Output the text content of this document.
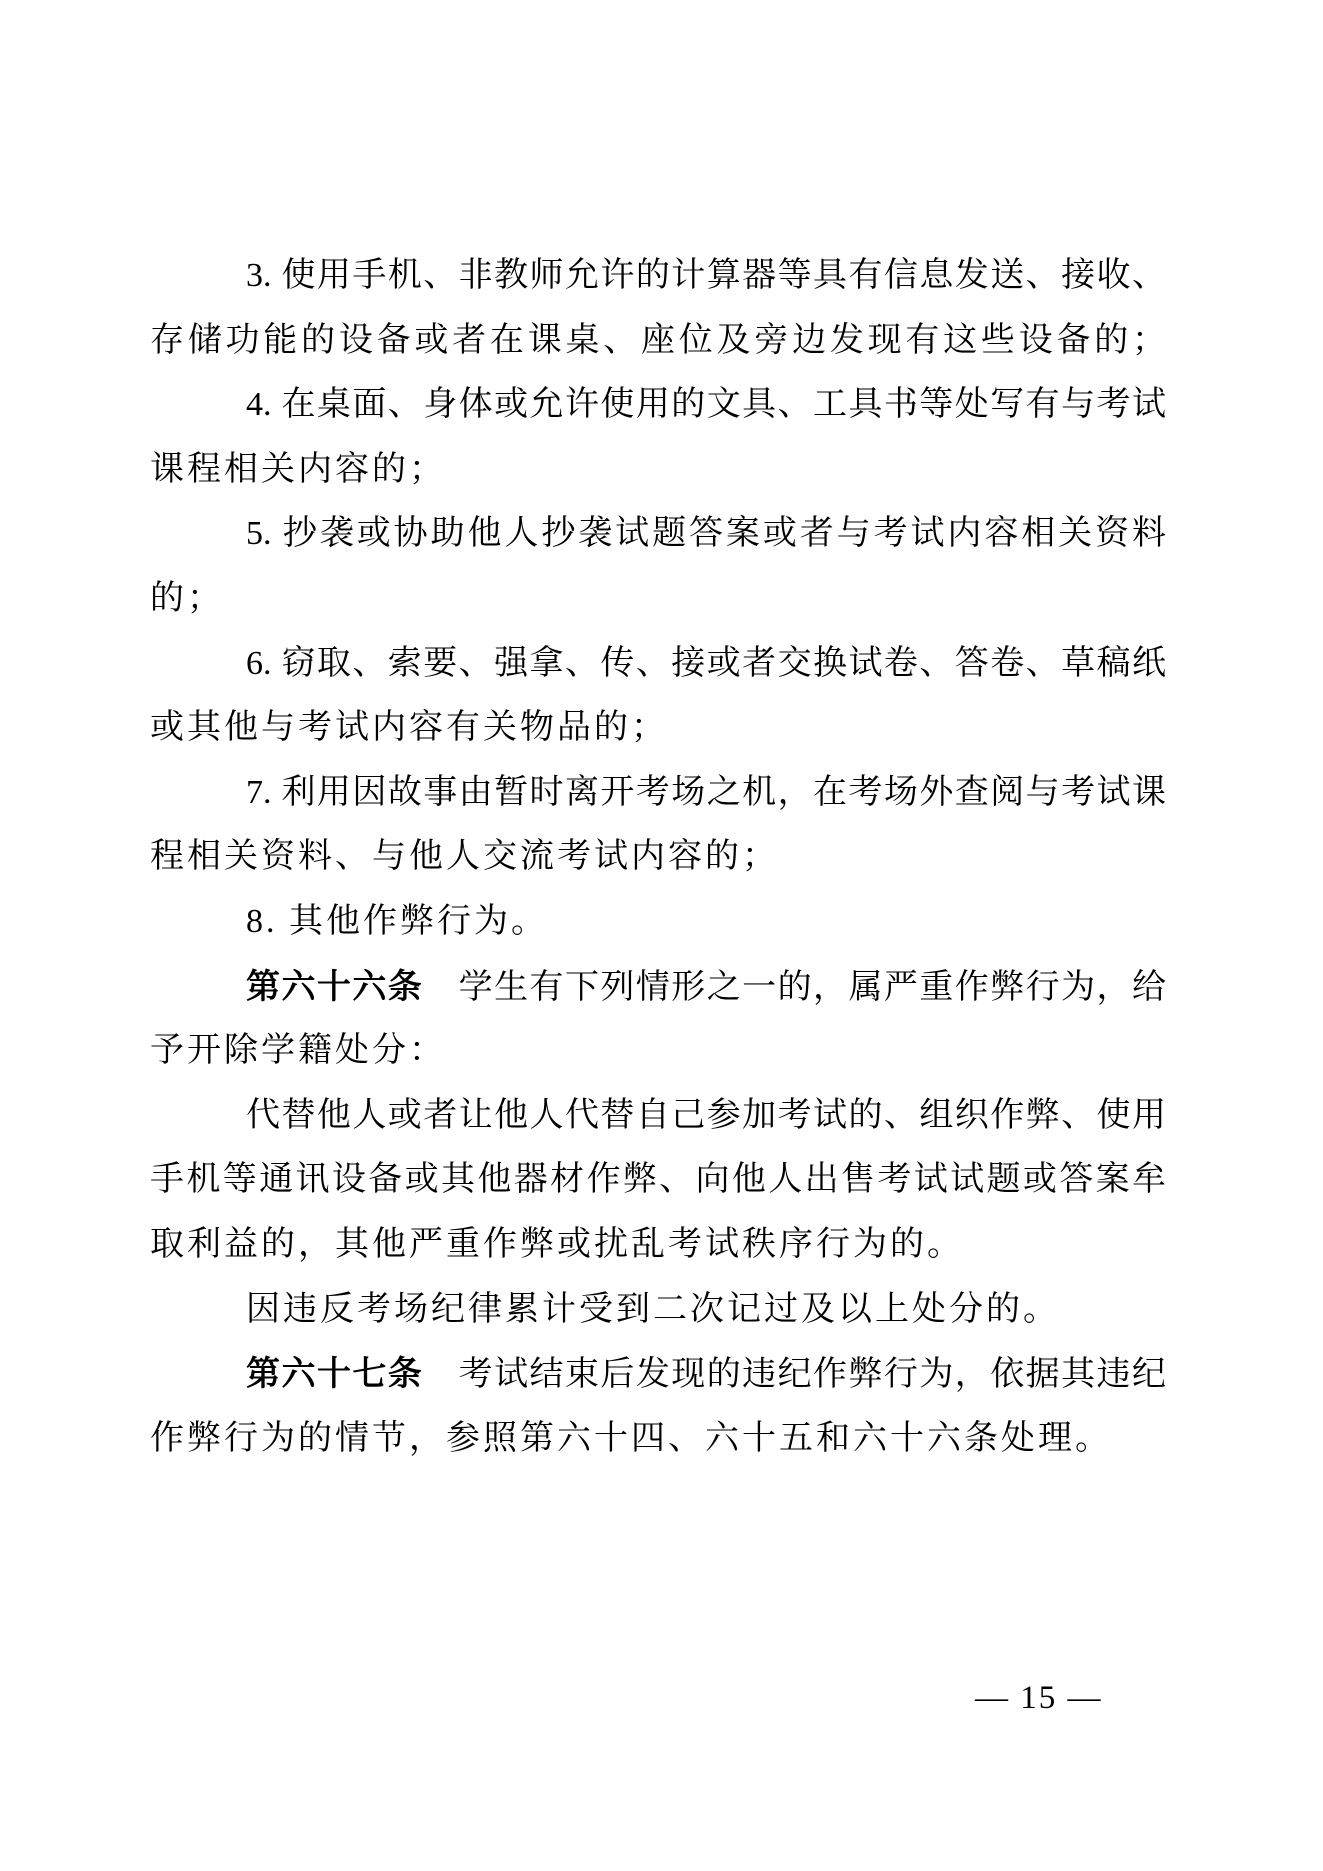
3. 使用手机、非教师允许的计算器等具有信息发送、接收、
存储功能的设备或者在课桌、座位及旁边发现有这些设备的；
4. 在桌面、身体或允许使用的文具、工具书等处写有与考试
课程相关内容的；
5. 抄袭或协助他人抄袭试题答案或者与考试内容相关资料
的；
6. 窃取、索要、强拿、传、接或者交换试卷、答卷、草稿纸
或其他与考试内容有关物品的；
7. 利用因故事由暂时离开考场之机，在考场外查阅与考试课
程相关资料、与他人交流考试内容的；
8. 其他作弊行为。
第六十六条　学生有下列情形之一的，属严重作弊行为，给
予开除学籍处分：
代替他人或者让他人代替自己参加考试的、组织作弊、使用
手机等通讯设备或其他器材作弊、向他人出售考试试题或答案牟
取利益的，其他严重作弊或扰乱考试秩序行为的。
因违反考场纪律累计受到二次记过及以上处分的。
第六十七条　考试结束后发现的违纪作弊行为，依据其违纪
作弊行为的情节，参照第六十四、六十五和六十六条处理。
— 15 —
